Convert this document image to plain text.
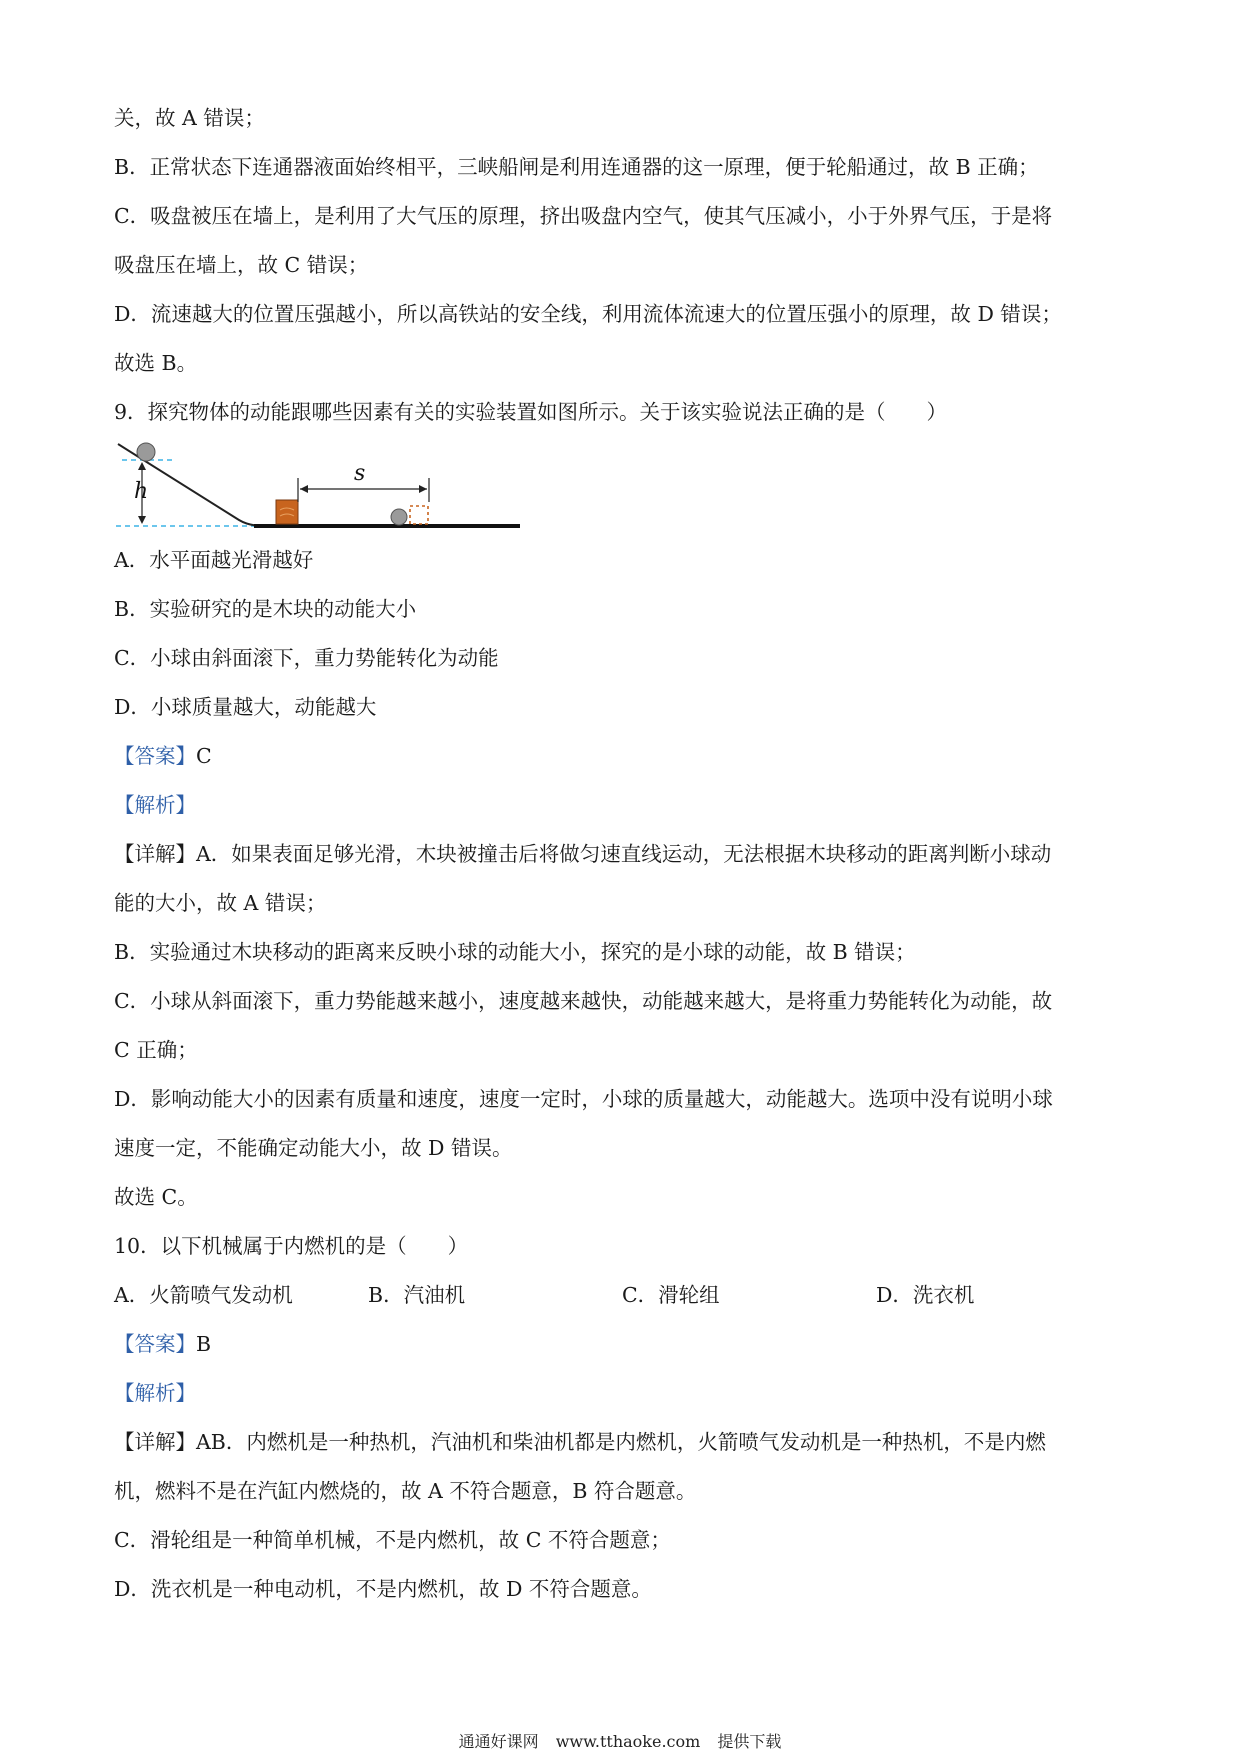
关，故 A 错误；
B．正常状态下连通器液面始终相平，三峡船闸是利用连通器的这一原理，便于轮船通过，故 B 正确；
C．吸盘被压在墙上，是利用了大气压的原理，挤出吸盘内空气，使其气压减小，小于外界气压，于是将
吸盘压在墙上，故 C 错误；
D．流速越大的位置压强越小，所以高铁站的安全线，利用流体流速大的位置压强小的原理，故 D 错误；
故选 B。
9．探究物体的动能跟哪些因素有关的实验装置如图所示。关于该实验说法正确的是（　　）
h
s
A．水平面越光滑越好
B．实验研究的是木块的动能大小
C．小球由斜面滚下，重力势能转化为动能
D．小球质量越大，动能越大
【答案】C
【解析】
【详解】A．如果表面足够光滑，木块被撞击后将做匀速直线运动，无法根据木块移动的距离判断小球动
能的大小，故 A 错误；
B．实验通过木块移动的距离来反映小球的动能大小，探究的是小球的动能，故 B 错误；
C．小球从斜面滚下，重力势能越来越小，速度越来越快，动能越来越大，是将重力势能转化为动能，故
C 正确；
D．影响动能大小的因素有质量和速度，速度一定时，小球的质量越大，动能越大。选项中没有说明小球
速度一定，不能确定动能大小，故 D 错误。
故选 C。
10．以下机械属于内燃机的是（　　）
A．火箭喷气发动机	B．汽油机	C．滑轮组	D．洗衣机
【答案】B
【解析】
【详解】AB．内燃机是一种热机，汽油机和柴油机都是内燃机，火箭喷气发动机是一种热机，不是内燃
机，燃料不是在汽缸内燃烧的，故 A 不符合题意，B 符合题意。
C．滑轮组是一种简单机械，不是内燃机，故 C 不符合题意；
D．洗衣机是一种电动机，不是内燃机，故 D 不符合题意。
通通好课网 www.tthaoke.com 提供下载
